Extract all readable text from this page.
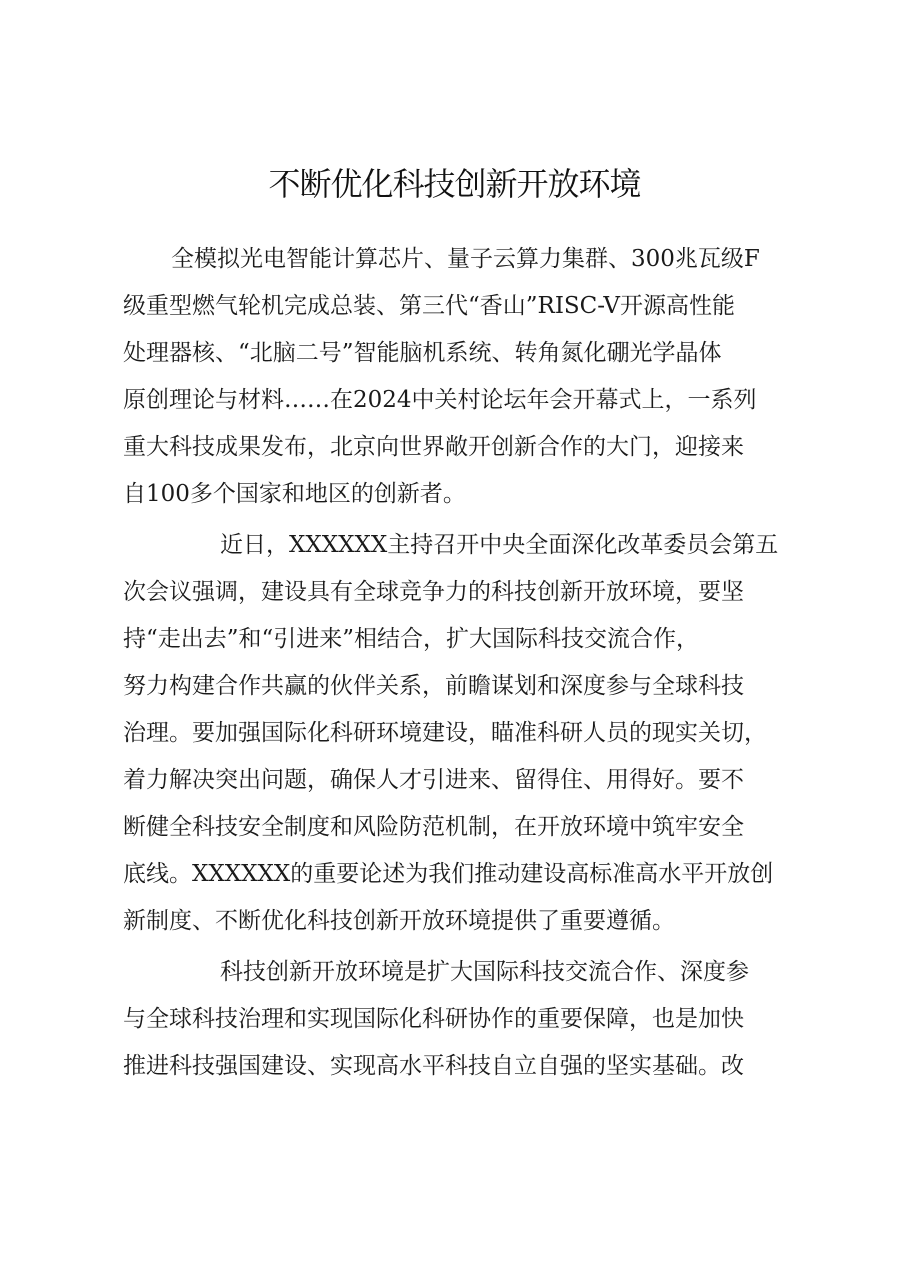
不断优化科技创新开放环境
全模拟光电智能计算芯片、量子云算力集群、300兆瓦级F
级重型燃气轮机完成总装、第三代“香山”RISC-V开源高性能
处理器核、“北脑二号”智能脑机系统、转角氮化硼光学晶体
原创理论与材料……在2024中关村论坛年会开幕式上，一系列
重大科技成果发布，北京向世界敞开创新合作的大门，迎接来
自100多个国家和地区的创新者。
近日，XXXXXX主持召开中央全面深化改革委员会第五
次会议强调，建设具有全球竞争力的科技创新开放环境，要坚
持“走出去”和“引进来”相结合，扩大国际科技交流合作，
努力构建合作共赢的伙伴关系，前瞻谋划和深度参与全球科技
治理。要加强国际化科研环境建设，瞄准科研人员的现实关切，
着力解决突出问题，确保人才引进来、留得住、用得好。要不
断健全科技安全制度和风险防范机制，在开放环境中筑牢安全
底线。XXXXXX的重要论述为我们推动建设高标准高水平开放创
新制度、不断优化科技创新开放环境提供了重要遵循。
科技创新开放环境是扩大国际科技交流合作、深度参
与全球科技治理和实现国际化科研协作的重要保障，也是加快
推进科技强国建设、实现高水平科技自立自强的坚实基础。改
